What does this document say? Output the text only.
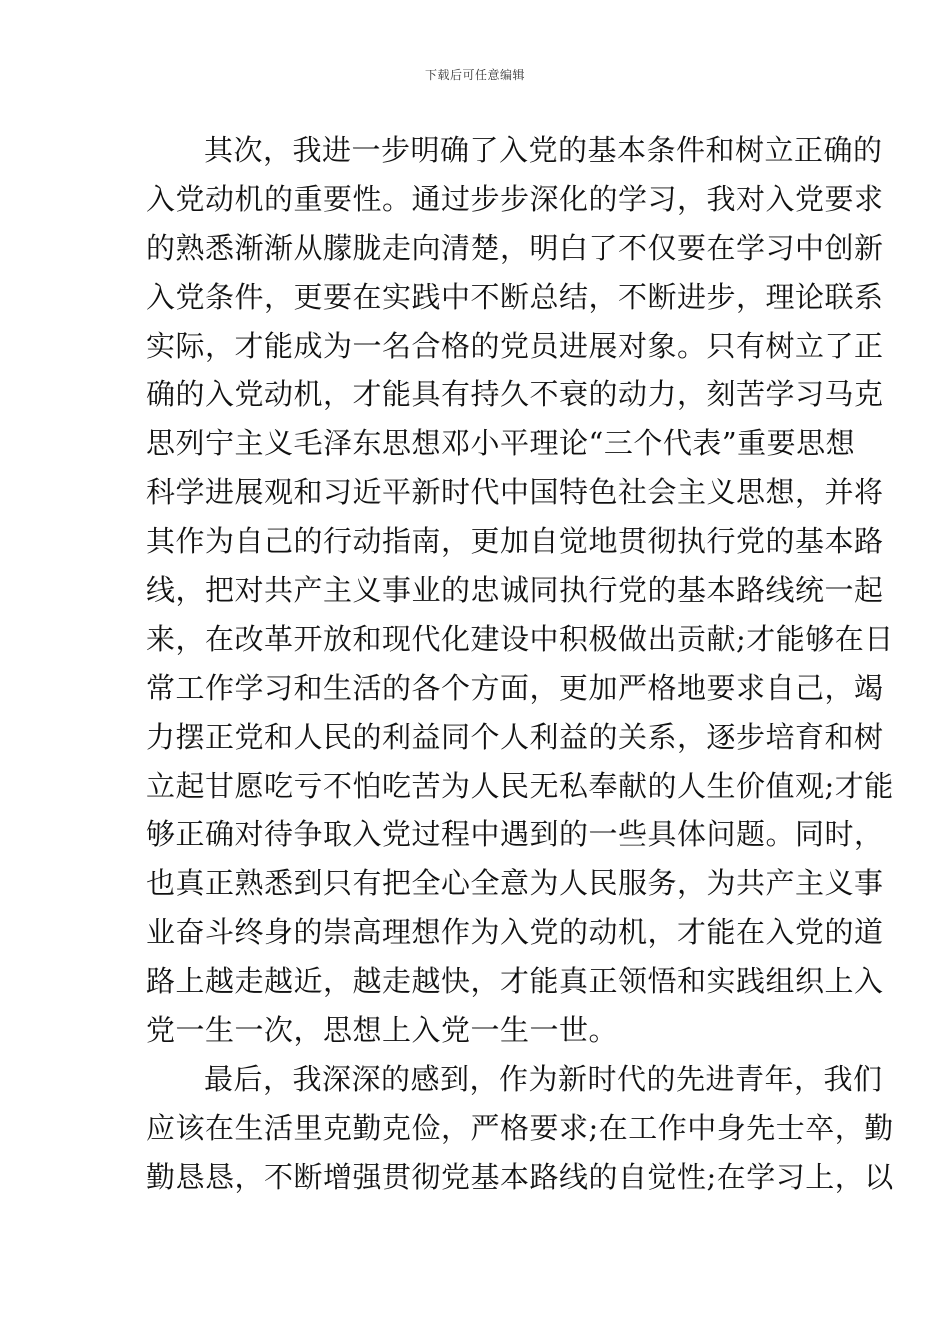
下载后可任意编辑
其次，我进一步明确了入党的基本条件和树立正确的
入党动机的重要性。通过步步深化的学习，我对入党要求
的熟悉渐渐从朦胧走向清楚，明白了不仅要在学习中创新
入党条件，更要在实践中不断总结，不断进步，理论联系
实际，才能成为一名合格的党员进展对象。只有树立了正
确的入党动机，才能具有持久不衰的动力，刻苦学习马克
思列宁主义毛泽东思想邓小平理论“三个代表”重要思想
科学进展观和习近平新时代中国特色社会主义思想，并将
其作为自己的行动指南，更加自觉地贯彻执行党的基本路
线，把对共产主义事业的忠诚同执行党的基本路线统一起
来，在改革开放和现代化建设中积极做出贡献;才能够在日
常工作学习和生活的各个方面，更加严格地要求自己，竭
力摆正党和人民的利益同个人利益的关系，逐步培育和树
立起甘愿吃亏不怕吃苦为人民无私奉献的人生价值观;才能
够正确对待争取入党过程中遇到的一些具体问题。同时，
也真正熟悉到只有把全心全意为人民服务，为共产主义事
业奋斗终身的崇高理想作为入党的动机，才能在入党的道
路上越走越近，越走越快，才能真正领悟和实践组织上入
党一生一次，思想上入党一生一世。
最后，我深深的感到，作为新时代的先进青年，我们
应该在生活里克勤克俭，严格要求;在工作中身先士卒，勤
勤恳恳，不断增强贯彻党基本路线的自觉性;在学习上，以
